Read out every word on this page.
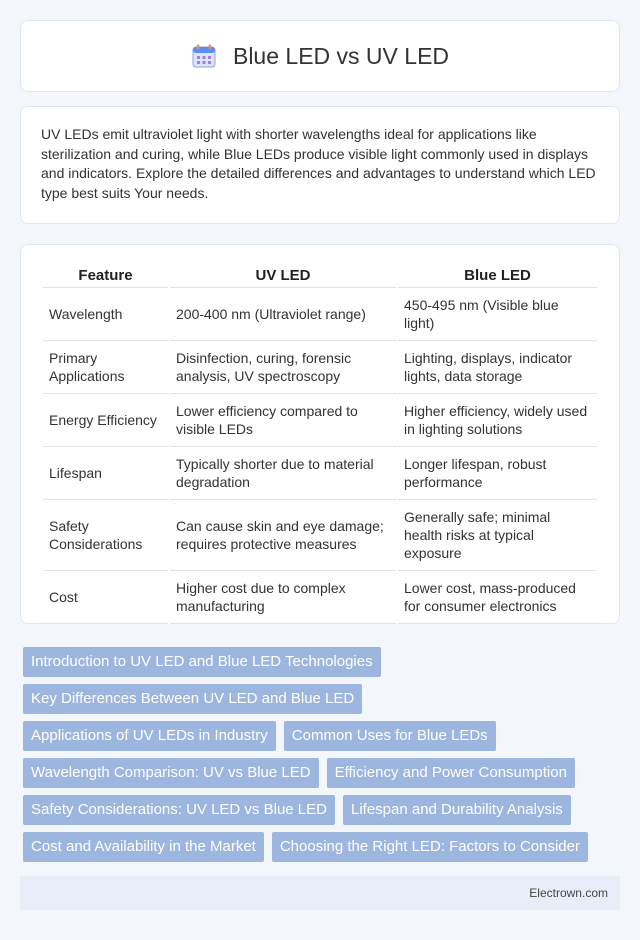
Blue LED vs UV LED

UV LEDs emit ultraviolet light with shorter wavelengths ideal for applications like sterilization and curing, while Blue LEDs produce visible light commonly used in displays and indicators. Explore the detailed differences and advantages to understand which LED type best suits Your needs.

Feature	UV LED	Blue LED
Wavelength	200-400 nm (Ultraviolet range)	450-495 nm (Visible blue light)
Primary Applications	Disinfection, curing, forensic analysis, UV spectroscopy	Lighting, displays, indicator lights, data storage
Energy Efficiency	Lower efficiency compared to visible LEDs	Higher efficiency, widely used in lighting solutions
Lifespan	Typically shorter due to material degradation	Longer lifespan, robust performance
Safety Considerations	Can cause skin and eye damage; requires protective measures	Generally safe; minimal health risks at typical exposure
Cost	Higher cost due to complex manufacturing	Lower cost, mass-produced for consumer electronics
Introduction to UV LED and Blue LED Technologies
Key Differences Between UV LED and Blue LED
Applications of UV LEDs in Industry	Common Uses for Blue LEDs
Wavelength Comparison: UV vs Blue LED	Efficiency and Power Consumption
Safety Considerations: UV LED vs Blue LED	Lifespan and Durability Analysis
Cost and Availability in the Market	Choosing the Right LED: Factors to Consider
Electrown.com
